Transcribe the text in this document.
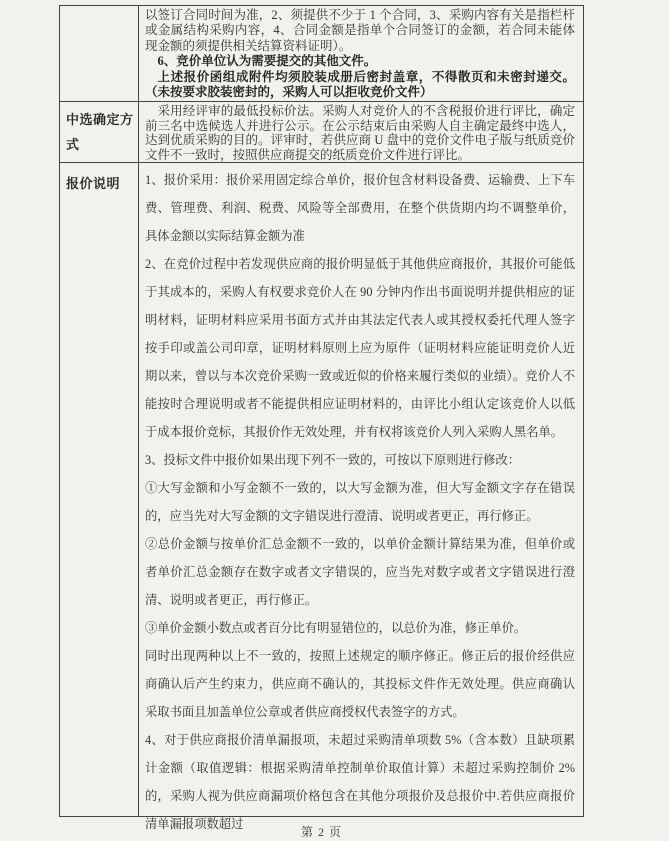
以签订合同时间为准，2、须提供不少于 1 个合同，3、采购内容有关是指栏杆或金属结构采购内容，4、合同金额是指单个合同签订的金额，若合同未能体现金额的须提供相关结算资料证明）。

6、竞价单位认为需要提交的其他文件。

上述报价函组成附件均须胶装成册后密封盖章，不得散页和未密封递交。（未按要求胶装密封的，采购人可以拒收竞价文件）

中选确定方式

采用经评审的最低投标价法。采购人对竞价人的不含税报价进行评比，确定前三名中选候选人并进行公示。在公示结束后由采购人自主确定最终中选人，达到优质采购的目的。评审时，若供应商 U 盘中的竞价文件电子版与纸质竞价文件不一致时，按照供应商提交的纸质竞价文件进行评比。

报价说明	1、报价采用：报价采用固定综合单价，报价包含材料设备费、运输费、上下车费、管理费、利润、税费、风险等全部费用，在整个供货期内均不调整单价，具体金额以实际结算金额为准

2、在竞价过程中若发现供应商的报价明显低于其他供应商报价，其报价可能低于其成本的，采购人有权要求竞价人在 90 分钟内作出书面说明并提供相应的证明材料，证明材料应采用书面方式并由其法定代表人或其授权委托代理人签字按手印或盖公司印章，证明材料原则上应为原件（证明材料应能证明竞价人近期以来，曾以与本次竞价采购一致或近似的价格来履行类似的业绩）。竞价人不能按时合理说明或者不能提供相应证明材料的，由评比小组认定该竞价人以低于成本报价竞标，其报价作无效处理，并有权将该竞价人列入采购人黑名单。

3、投标文件中报价如果出现下列不一致的，可按以下原则进行修改：

①大写金额和小写金额不一致的，以大写金额为准，但大写金额文字存在错误的，应当先对大写金额的文字错误进行澄清、说明或者更正，再行修正。

②总价金额与按单价汇总金额不一致的，以单价金额计算结果为准，但单价或者单价汇总金额存在数字或者文字错误的，应当先对数字或者文字错误进行澄清、说明或者更正，再行修正。

③单价金额小数点或者百分比有明显错位的，以总价为准，修正单价。

同时出现两种以上不一致的，按照上述规定的顺序修正。修正后的报价经供应商确认后产生约束力，供应商不确认的，其投标文件作无效处理。供应商确认采取书面且加盖单位公章或者供应商授权代表签字的方式。

4、对于供应商报价清单漏报项，未超过采购清单项数 5%（含本数）且缺项累计金额（取值逻辑：根据采购清单控制单价取值计算）未超过采购控制价 2%的，采购人视为供应商漏项价格包含在其他分项报价及总报价中.若供应商报价清单漏报项数超过

第 2 页
